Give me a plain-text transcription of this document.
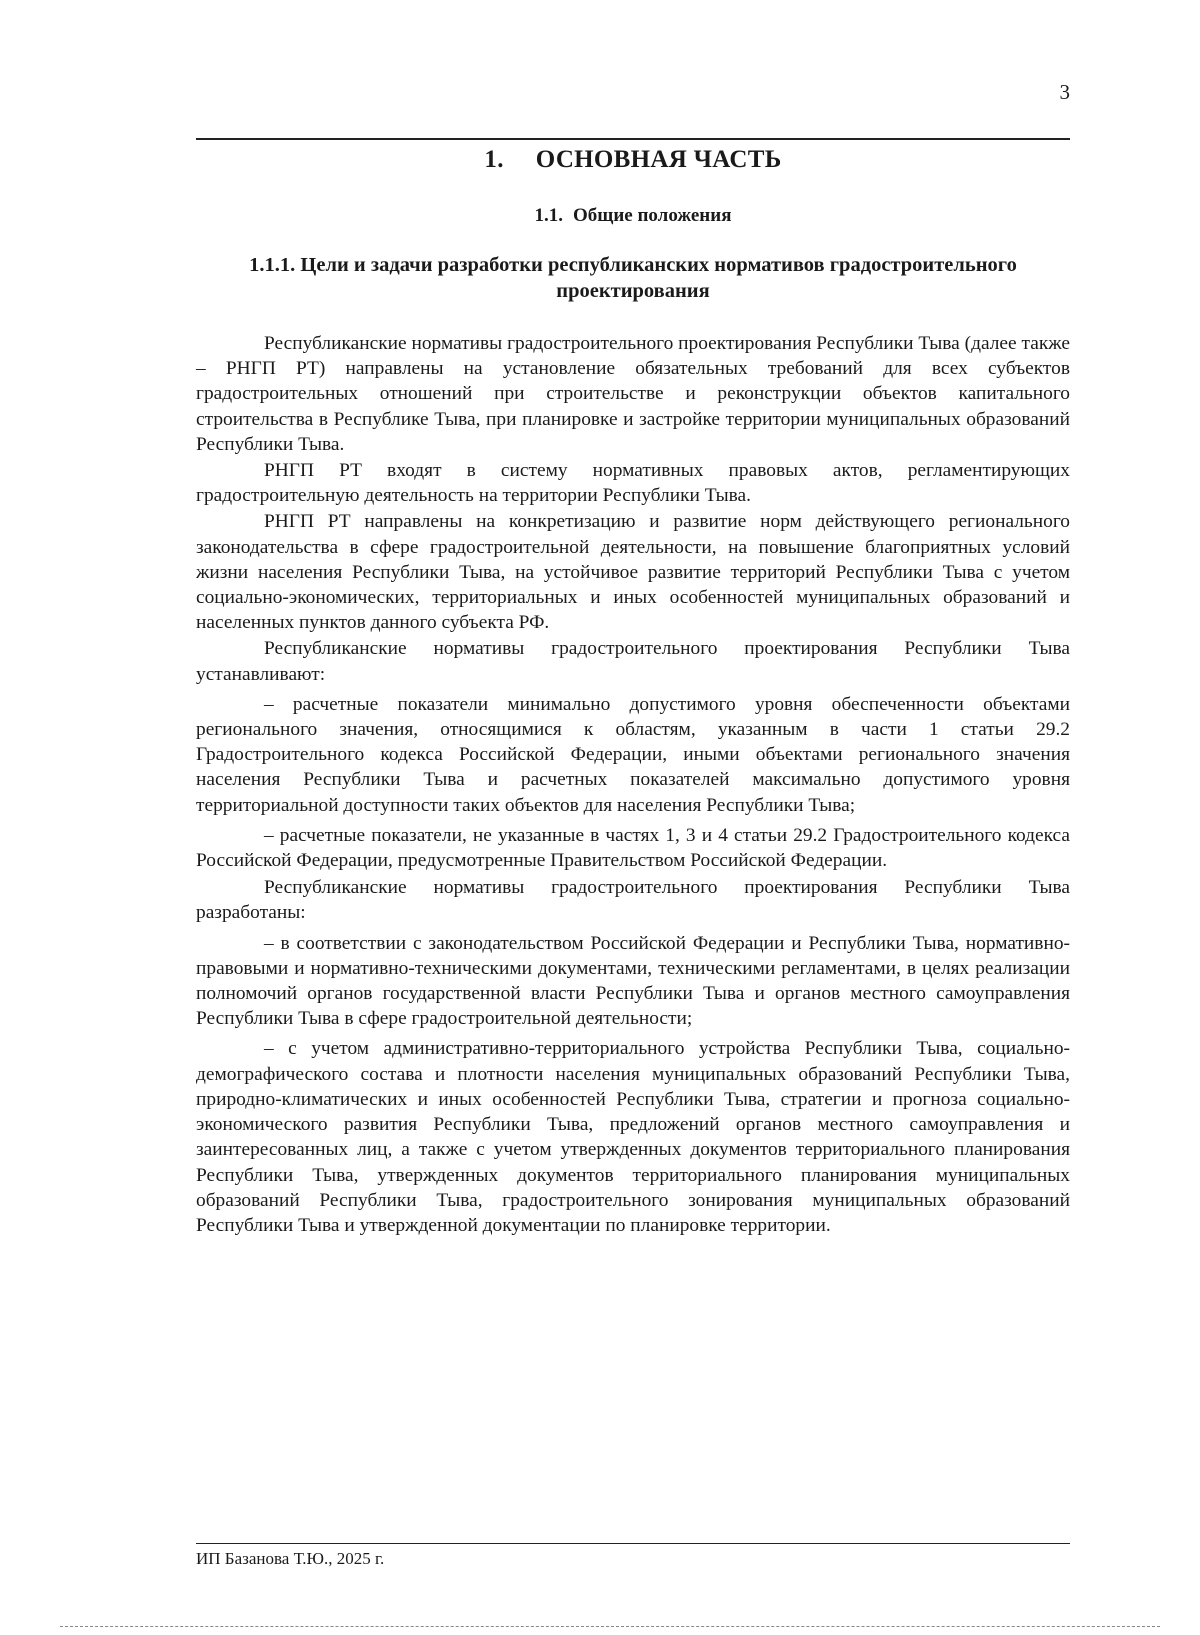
3
1. ОСНОВНАЯ ЧАСТЬ
1.1. Общие положения
1.1.1. Цели и задачи разработки республиканских нормативов градостроительного проектирования

Республиканские нормативы градостроительного проектирования Республики Тыва (далее также – РНГП РТ) направлены на установление обязательных требований для всех субъектов градостроительных отношений при строительстве и реконструкции объектов капитального строительства в Республике Тыва, при планировке и застройке территории муниципальных образований Республики Тыва.

РНГП РТ входят в систему нормативных правовых актов, регламентирующих градостроительную деятельность на территории Республики Тыва.

РНГП РТ направлены на конкретизацию и развитие норм действующего регионального законодательства в сфере градостроительной деятельности, на повышение благоприятных условий жизни населения Республики Тыва, на устойчивое развитие территорий Республики Тыва с учетом социально-экономических, территориальных и иных особенностей муниципальных образований и населенных пунктов данного субъекта РФ.

Республиканские нормативы градостроительного проектирования Республики Тыва устанавливают:

– расчетные показатели минимально допустимого уровня обеспеченности объектами регионального значения, относящимися к областям, указанным в части 1 статьи 29.2 Градостроительного кодекса Российской Федерации, иными объектами регионального значения населения Республики Тыва и расчетных показателей максимально допустимого уровня территориальной доступности таких объектов для населения Республики Тыва;

– расчетные показатели, не указанные в частях 1, 3 и 4 статьи 29.2 Градостроительного кодекса Российской Федерации, предусмотренные Правительством Российской Федерации.

Республиканские нормативы градостроительного проектирования Республики Тыва разработаны:

– в соответствии с законодательством Российской Федерации и Республики Тыва, нормативно-правовыми и нормативно-техническими документами, техническими регламентами, в целях реализации полномочий органов государственной власти Республики Тыва и органов местного самоуправления Республики Тыва в сфере градостроительной деятельности;

– с учетом административно-территориального устройства Республики Тыва, социально-демографического состава и плотности населения муниципальных образований Республики Тыва, природно-климатических и иных особенностей Республики Тыва, стратегии и прогноза социально-экономического развития Республики Тыва, предложений органов местного самоуправления и заинтересованных лиц, а также с учетом утвержденных документов территориального планирования Республики Тыва, утвержденных документов территориального планирования муниципальных образований Республики Тыва, градостроительного зонирования муниципальных образований Республики Тыва и утвержденной документации по планировке территории.

ИП Базанова Т.Ю., 2025 г.
